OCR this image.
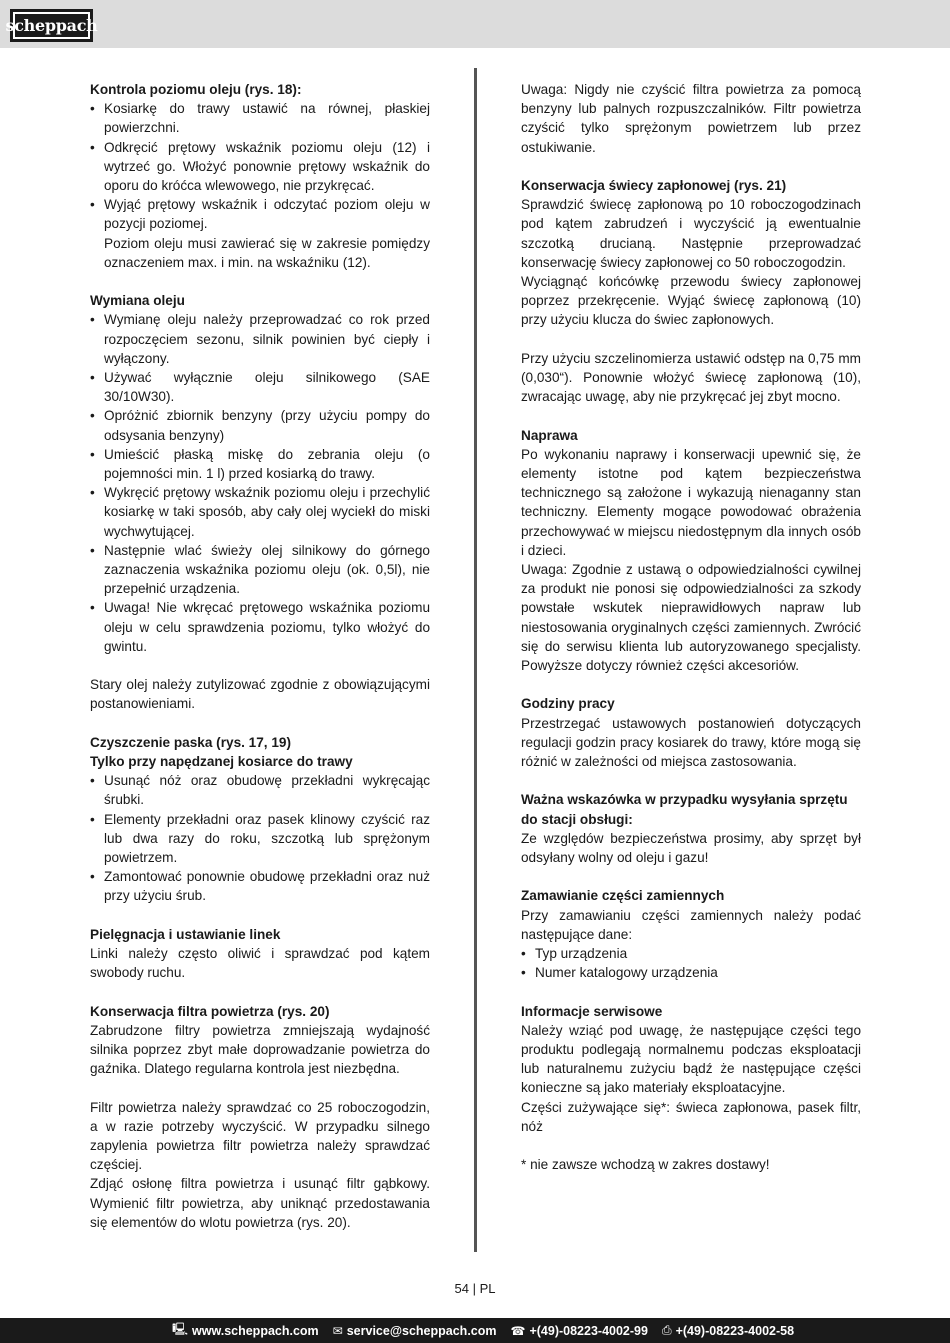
scheppach
Kontrola poziomu oleju (rys. 18):
• Kosiarkę do trawy ustawić na równej, płaskiej powierzchni.
• Odkręcić prętowy wskaźnik poziomu oleju (12) i wytrzeć go. Włożyć ponownie prętowy wskaźnik do oporu do króćca wlewowego, nie przykręcać.
• Wyjąć prętowy wskaźnik i odczytać poziom oleju w pozycji poziomej.
Poziom oleju musi zawierać się w zakresie pomiędzy oznaczeniem max. i min. na wskaźniku (12).
Wymiana oleju
• Wymianę oleju należy przeprowadzać co rok przed rozpoczęciem sezonu, silnik powinien być ciepły i wyłączony.
• Używać wyłącznie oleju silnikowego (SAE 30/10W30).
• Opróżnić zbiornik benzyny (przy użyciu pompy do odsysania benzyny)
• Umieścić płaską miskę do zebrania oleju (o pojemności min. 1 l) przed kosiarką do trawy.
• Wykręcić prętowy wskaźnik poziomu oleju i przechylić kosiarkę w taki sposób, aby cały olej wyciekł do miski wychwytującej.
• Następnie wlać świeży olej silnikowy do górnego zaznaczenia wskaźnika poziomu oleju (ok. 0,5l), nie przepełnić urządzenia.
• Uwaga! Nie wkręcać prętowego wskaźnika poziomu oleju w celu sprawdzenia poziomu, tylko włożyć do gwintu.
Stary olej należy zutylizować zgodnie z obowiązującymi postanowieniami.
Czyszczenie paska (rys. 17, 19)
Tylko przy napędzanej kosiarce do trawy
• Usunąć nóż oraz obudowę przekładni wykręcając śrubki.
• Elementy przekładni oraz pasek klinowy czyścić raz lub dwa razy do roku, szczotką lub sprężonym powietrzem.
• Zamontować ponownie obudowę przekładni oraz nuż przy użyciu śrub.
Pielęgnacja i ustawianie linek
Linki należy często oliwić i sprawdzać pod kątem swobody ruchu.
Konserwacja filtra powietrza (rys. 20)
Zabrudzone filtry powietrza zmniejszają wydajność silnika poprzez zbyt małe doprowadzanie powietrza do gaźnika. Dlatego regularna kontrola jest niezbędna.
Filtr powietrza należy sprawdzać co 25 roboczogodzin, a w razie potrzeby wyczyścić. W przypadku silnego zapylenia powietrza filtr powietrza należy sprawdzać częściej.
Zdjąć osłonę filtra powietrza i usunąć filtr gąbkowy. Wymienić filtr powietrza, aby uniknąć przedostawania się elementów do wlotu powietrza (rys. 20).
Uwaga: Nigdy nie czyścić filtra powietrza za pomocą benzyny lub palnych rozpuszczalników. Filtr powietrza czyścić tylko sprężonym powietrzem lub przez ostukiwanie.
Konserwacja świecy zapłonowej (rys. 21)
Sprawdzić świecę zapłonową po 10 roboczogodzinach pod kątem zabrudzeń i wyczyścić ją ewentualnie szczotką drucianą. Następnie przeprowadzać konserwację świecy zapłonowej co 50 roboczogodzin.
Wyciągnąć końcówkę przewodu świecy zapłonowej poprzez przekręcenie. Wyjąć świecę zapłonową (10) przy użyciu klucza do świec zapłonowych.
Przy użyciu szczelinomierza ustawić odstęp na 0,75 mm (0,030“). Ponownie włożyć świecę zapłonową (10), zwracając uwagę, aby nie przykręcać jej zbyt mocno.
Naprawa
Po wykonaniu naprawy i konserwacji upewnić się, że elementy istotne pod kątem bezpieczeństwa technicznego są założone i wykazują nienaganny stan techniczny. Elementy mogące powodować obrażenia przechowywać w miejscu niedostępnym dla innych osób i dzieci.
Uwaga: Zgodnie z ustawą o odpowiedzialności cywilnej za produkt nie ponosi się odpowiedzialności za szkody powstałe wskutek nieprawidłowych napraw lub niestosowania oryginalnych części zamiennych. Zwrócić się do serwisu klienta lub autoryzowanego specjalisty. Powyższe dotyczy również części akcesoriów.
Godziny pracy
Przestrzegać ustawowych postanowień dotyczących regulacji godzin pracy kosiarek do trawy, które mogą się różnić w zależności od miejsca zastosowania.
Ważna wskazówka w przypadku wysyłania sprzętu do stacji obsługi:
Ze względów bezpieczeństwa prosimy, aby sprzęt był odsyłany wolny od oleju i gazu!
Zamawianie części zamiennych
Przy zamawianiu części zamiennych należy podać następujące dane:
• Typ urządzenia
• Numer katalogowy urządzenia
Informacje serwisowe
Należy wziąć pod uwagę, że następujące części tego produktu podlegają normalnemu podczas eksploatacji lub naturalnemu zużyciu bądź że następujące części konieczne są jako materiały eksploatacyjne.
Części zużywające się*: świeca zapłonowa, pasek filtr, nóż
* nie zawsze wchodzą w zakres dostawy!
54 | PL
🖳 www.scheppach.com ✉ service@scheppach.com ☎ +(49)-08223-4002-99 ⎙ +(49)-08223-4002-58
